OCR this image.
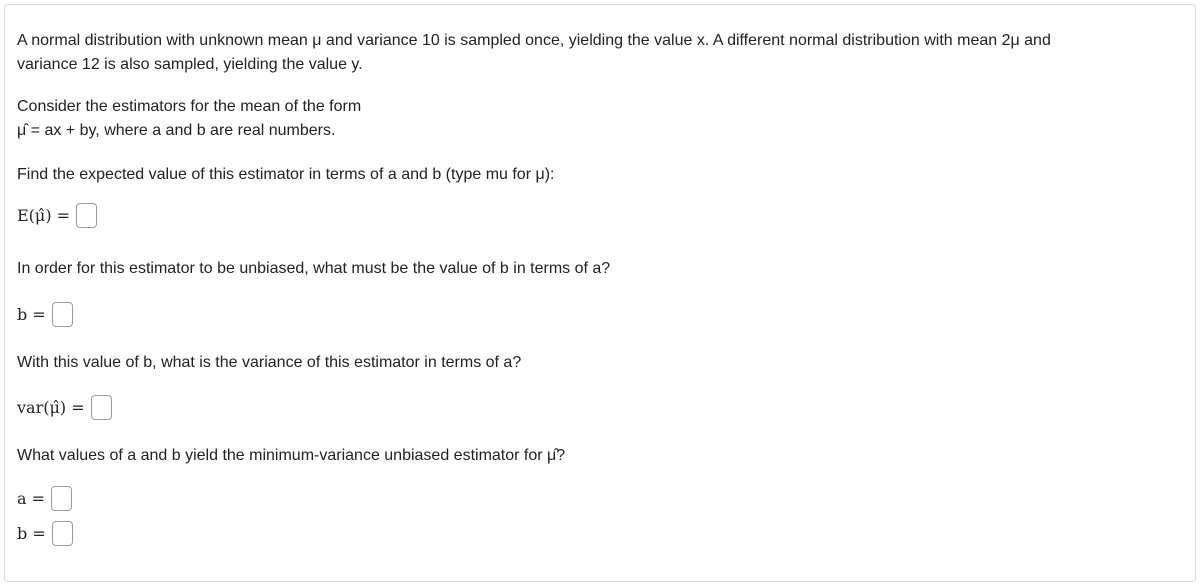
A normal distribution with unknown mean μ and variance 10 is sampled once, yielding the value x. A different normal distribution with mean 2μ and
variance 12 is also sampled, yielding the value y.
Consider the estimators for the mean of the form
μ̂ = ax + by, where a and b are real numbers.
Find the expected value of this estimator in terms of a and b (type mu for μ):
E(μ̂) =
In order for this estimator to be unbiased, what must be the value of b in terms of a?
b =
With this value of b, what is the variance of this estimator in terms of a?
var(μ̂) =
What values of a and b yield the minimum-variance unbiased estimator for μ̂?
a =
b =
